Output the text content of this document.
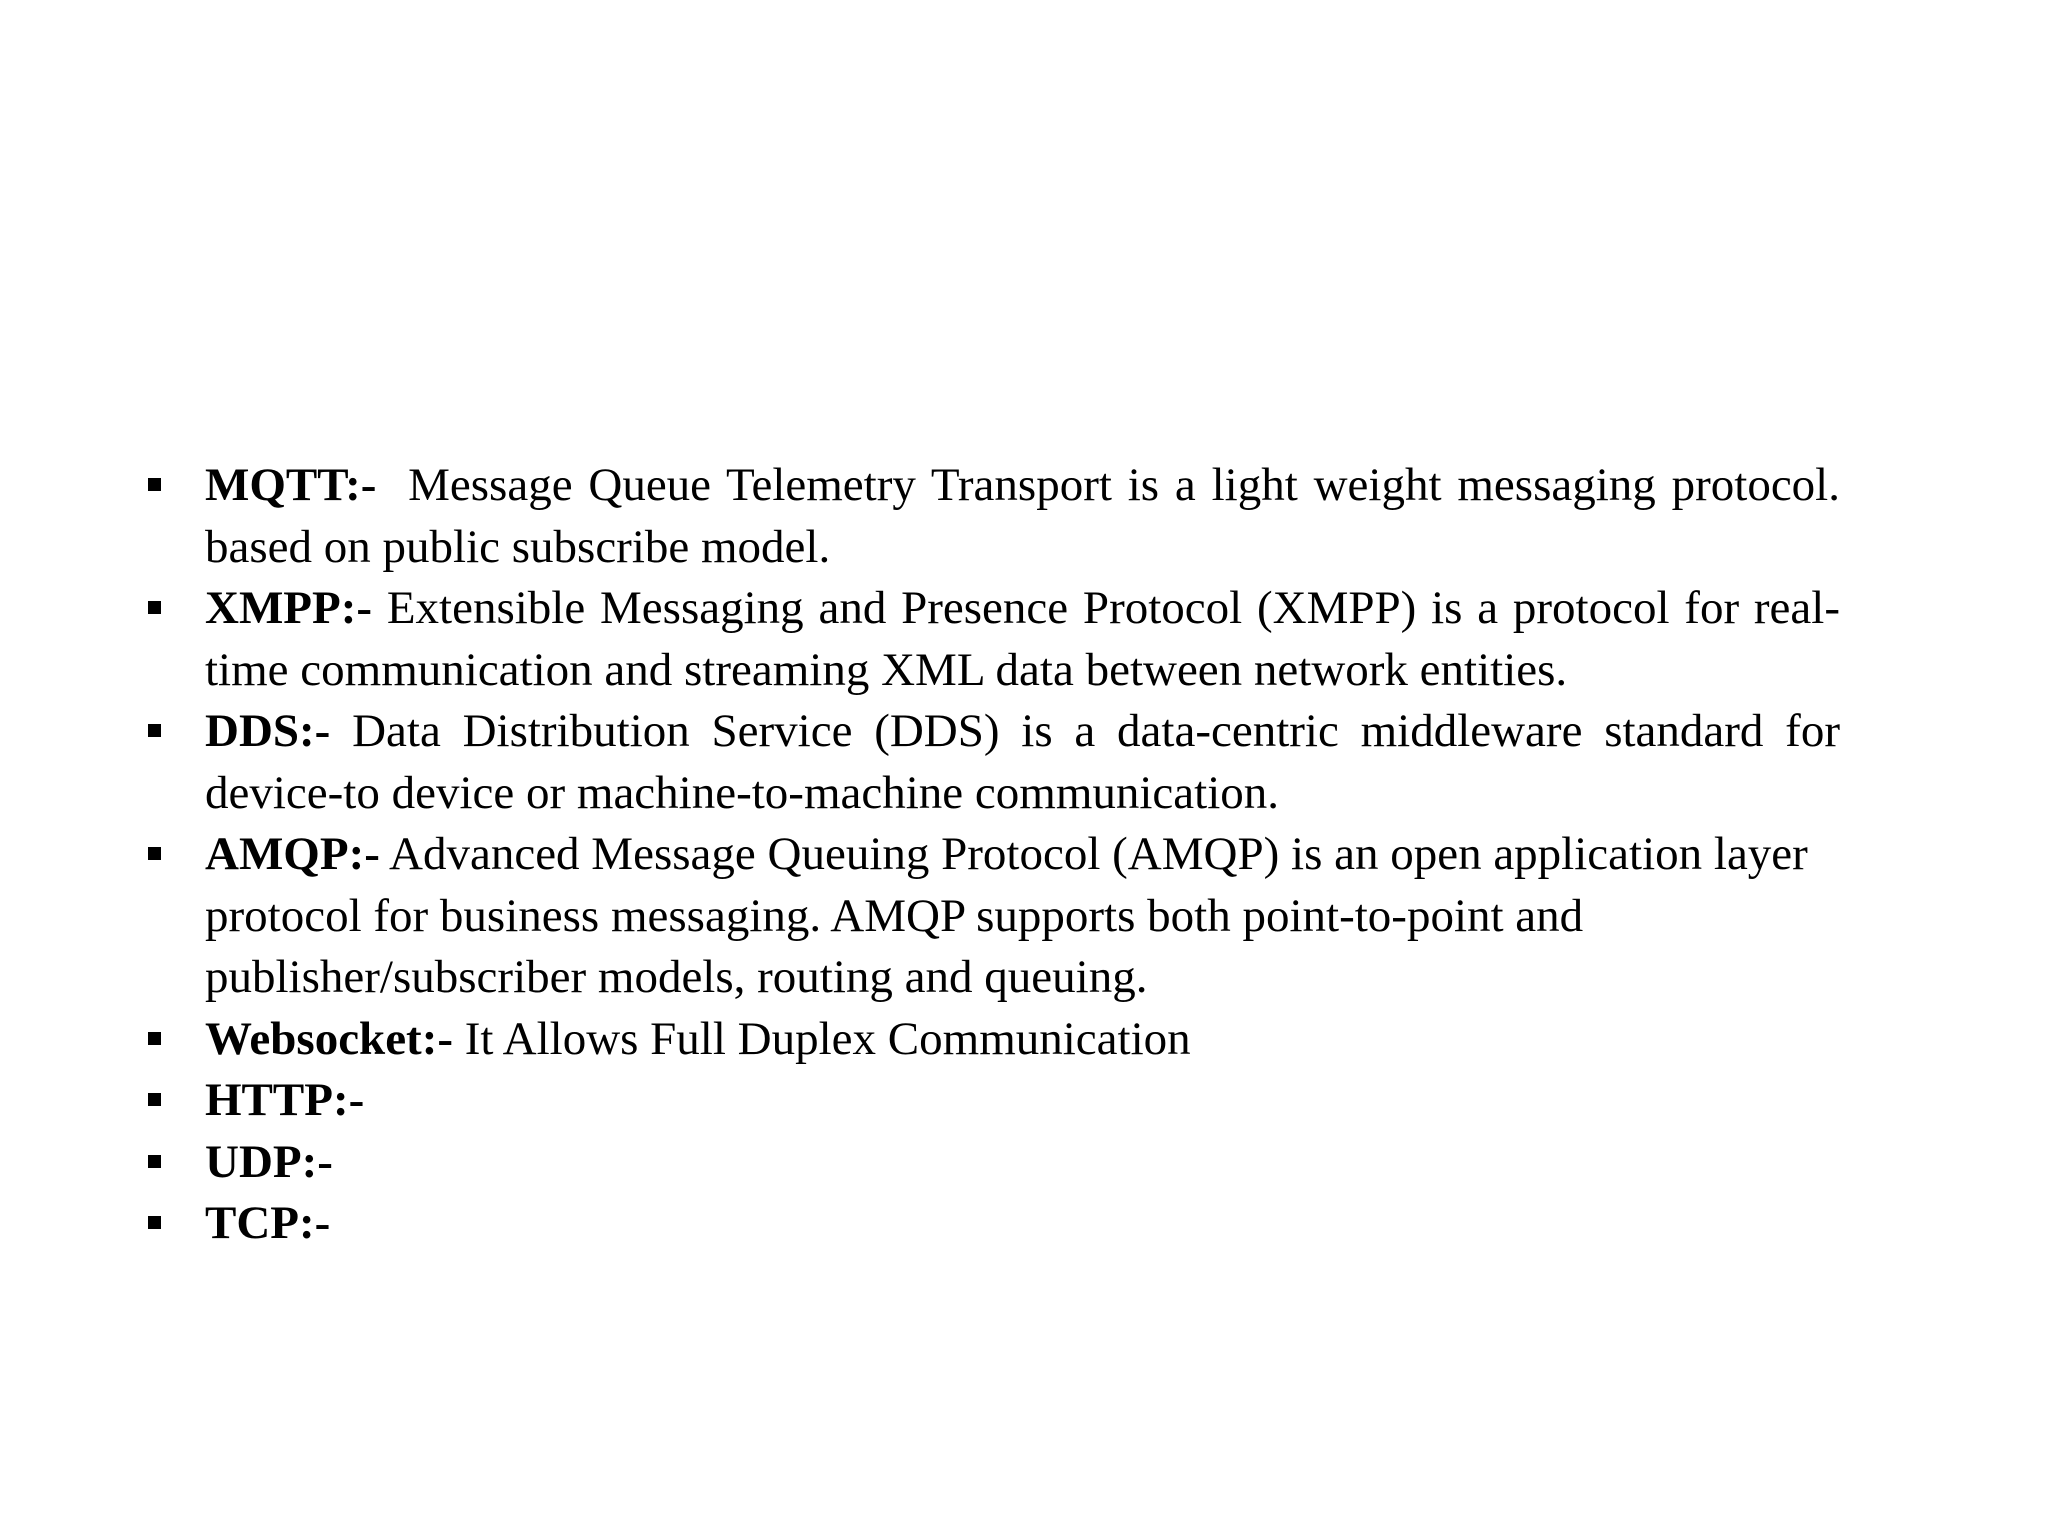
MQTT:-  Message Queue Telemetry Transport is a light weight messaging protocol. based on public subscribe model.
XMPP:- Extensible Messaging and Presence Protocol (XMPP) is a protocol for real-time communication and streaming XML data between network entities.
DDS:- Data Distribution Service (DDS) is a data-centric middleware standard for device-to device or machine-to-machine communication.
AMQP:- Advanced Message Queuing Protocol (AMQP) is an open application layer protocol for business messaging. AMQP supports both point-to-point and publisher/subscriber models, routing and queuing.
Websocket:- It Allows Full Duplex Communication
HTTP:-
UDP:-
TCP:-
